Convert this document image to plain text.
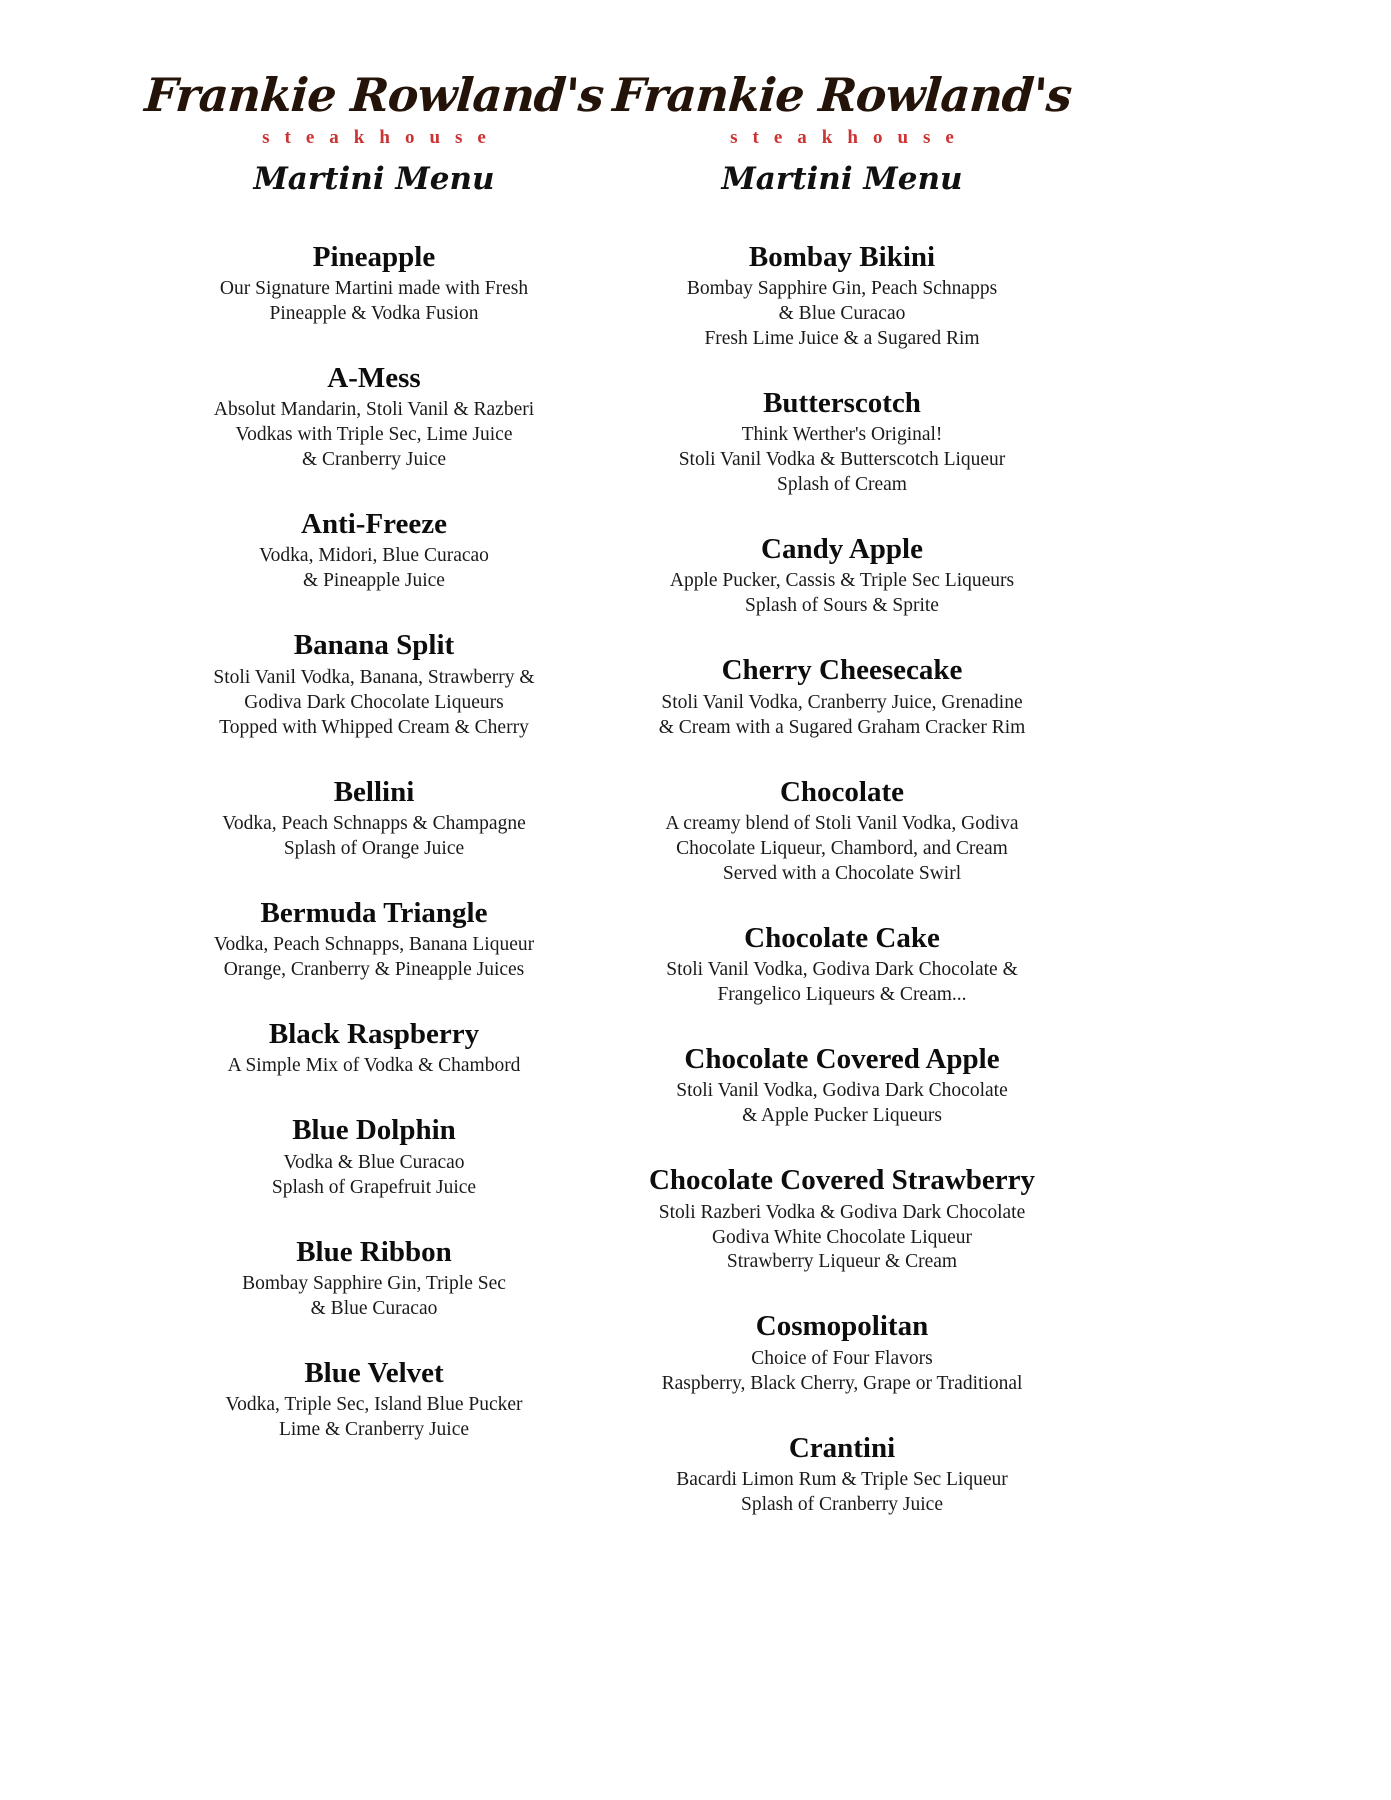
Frankie Rowland's
steakhouse
Martini Menu
Pineapple
Our Signature Martini made with Fresh
Pineapple & Vodka Fusion
A-Mess
Absolut Mandarin, Stoli Vanil & Razberi
Vodkas with Triple Sec, Lime Juice
& Cranberry Juice
Anti-Freeze
Vodka, Midori, Blue Curacao
& Pineapple Juice
Banana Split
Stoli Vanil Vodka, Banana, Strawberry &
Godiva Dark Chocolate Liqueurs
Topped with Whipped Cream & Cherry
Bellini
Vodka, Peach Schnapps & Champagne
Splash of Orange Juice
Bermuda Triangle
Vodka, Peach Schnapps, Banana Liqueur
Orange, Cranberry & Pineapple Juices
Black Raspberry
A Simple Mix of Vodka & Chambord
Blue Dolphin
Vodka & Blue Curacao
Splash of Grapefruit Juice
Blue Ribbon
Bombay Sapphire Gin, Triple Sec
& Blue Curacao
Blue Velvet
Vodka, Triple Sec, Island Blue Pucker
Lime & Cranberry Juice
Frankie Rowland's
steakhouse
Martini Menu
Bombay Bikini
Bombay Sapphire Gin, Peach Schnapps
& Blue Curacao
Fresh Lime Juice & a Sugared Rim
Butterscotch
Think Werther's Original!
Stoli Vanil Vodka & Butterscotch Liqueur
Splash of Cream
Candy Apple
Apple Pucker, Cassis & Triple Sec Liqueurs
Splash of Sours & Sprite
Cherry Cheesecake
Stoli Vanil Vodka, Cranberry Juice, Grenadine
& Cream with a Sugared Graham Cracker Rim
Chocolate
A creamy blend of Stoli Vanil Vodka, Godiva
Chocolate Liqueur, Chambord, and Cream
Served with a Chocolate Swirl
Chocolate Cake
Stoli Vanil Vodka, Godiva Dark Chocolate &
Frangelico Liqueurs & Cream...
Chocolate Covered Apple
Stoli Vanil Vodka, Godiva Dark Chocolate
& Apple Pucker Liqueurs
Chocolate Covered Strawberry
Stoli Razberi Vodka & Godiva Dark Chocolate
Godiva White Chocolate Liqueur
Strawberry Liqueur & Cream
Cosmopolitan
Choice of Four Flavors
Raspberry, Black Cherry, Grape or Traditional
Crantini
Bacardi Limon Rum & Triple Sec Liqueur
Splash of Cranberry Juice
